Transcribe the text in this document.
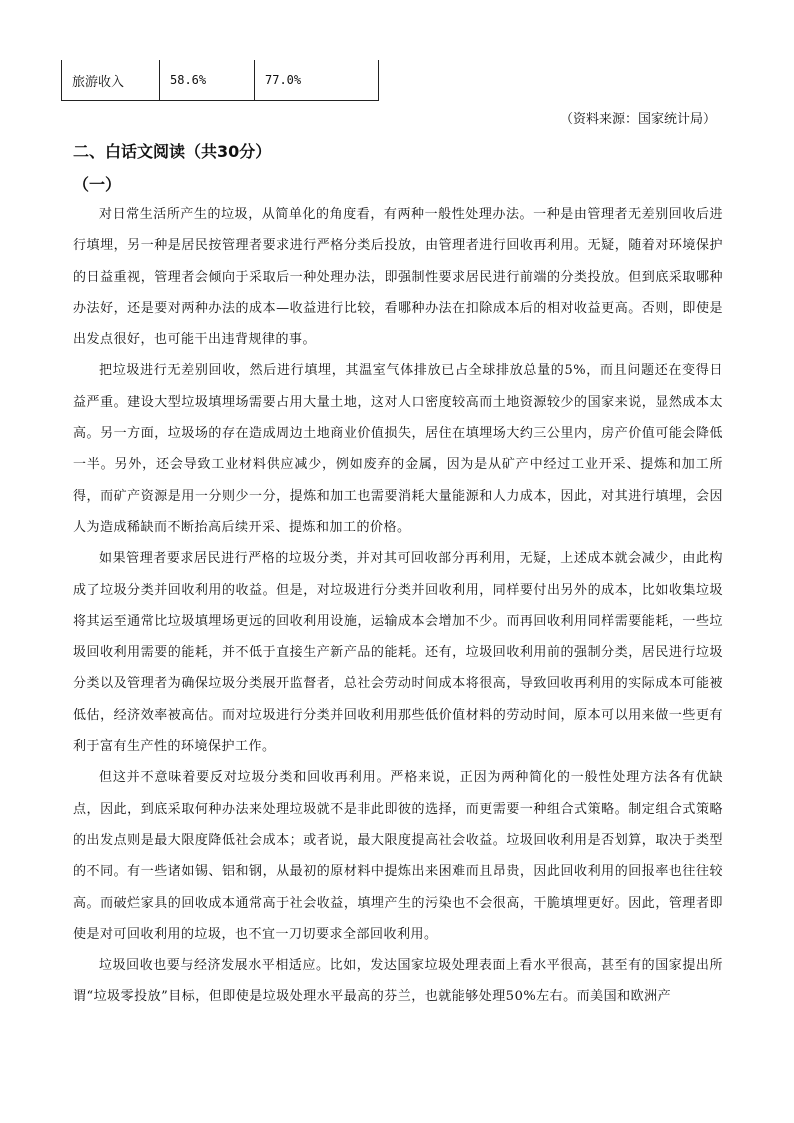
旅游收入	58.6%	77.0%
（资料来源：国家统计局）
二、白话文阅读（共30分）
（一）

对日常生活所产生的垃圾，从简单化的角度看，有两种一般性处理办法。一种是由管理者无差别回收后进行填埋，另一种是居民按管理者要求进行严格分类后投放，由管理者进行回收再利用。无疑，随着对环境保护的日益重视，管理者会倾向于采取后一种处理办法，即强制性要求居民进行前端的分类投放。但到底采取哪种办法好，还是要对两种办法的成本—收益进行比较，看哪种办法在扣除成本后的相对收益更高。否则，即使是出发点很好，也可能干出违背规律的事。

把垃圾进行无差别回收，然后进行填埋，其温室气体排放已占全球排放总量的5%，而且问题还在变得日益严重。建设大型垃圾填埋场需要占用大量土地，这对人口密度较高而土地资源较少的国家来说，显然成本太高。另一方面，垃圾场的存在造成周边土地商业价值损失，居住在填埋场大约三公里内，房产价值可能会降低一半。另外，还会导致工业材料供应减少，例如废弃的金属，因为是从矿产中经过工业开采、提炼和加工所得，而矿产资源是用一分则少一分，提炼和加工也需要消耗大量能源和人力成本，因此，对其进行填埋，会因人为造成稀缺而不断抬高后续开采、提炼和加工的价格。

如果管理者要求居民进行严格的垃圾分类，并对其可回收部分再利用，无疑，上述成本就会减少，由此构成了垃圾分类并回收利用的收益。但是，对垃圾进行分类并回收利用，同样要付出另外的成本，比如收集垃圾将其运至通常比垃圾填埋场更远的回收利用设施，运输成本会增加不少。而再回收利用同样需要能耗，一些垃圾回收利用需要的能耗，并不低于直接生产新产品的能耗。还有，垃圾回收利用前的强制分类，居民进行垃圾分类以及管理者为确保垃圾分类展开监督者，总社会劳动时间成本将很高，导致回收再利用的实际成本可能被低估，经济效率被高估。而对垃圾进行分类并回收利用那些低价值材料的劳动时间，原本可以用来做一些更有利于富有生产性的环境保护工作。

但这并不意味着要反对垃圾分类和回收再利用。严格来说，正因为两种简化的一般性处理方法各有优缺点，因此，到底采取何种办法来处理垃圾就不是非此即彼的选择，而更需要一种组合式策略。制定组合式策略的出发点则是最大限度降低社会成本；或者说，最大限度提高社会收益。垃圾回收利用是否划算，取决于类型的不同。有一些诸如锡、铝和钢，从最初的原材料中提炼出来困难而且昂贵，因此回收利用的回报率也往往较高。而破烂家具的回收成本通常高于社会收益，填埋产生的污染也不会很高，干脆填埋更好。因此，管理者即使是对可回收利用的垃圾，也不宜一刀切要求全部回收利用。

垃圾回收也要与经济发展水平相适应。比如，发达国家垃圾处理表面上看水平很高，甚至有的国家提出所谓“垃圾零投放”目标，但即使是垃圾处理水平最高的芬兰，也就能够处理50%左右。而美国和欧洲产
